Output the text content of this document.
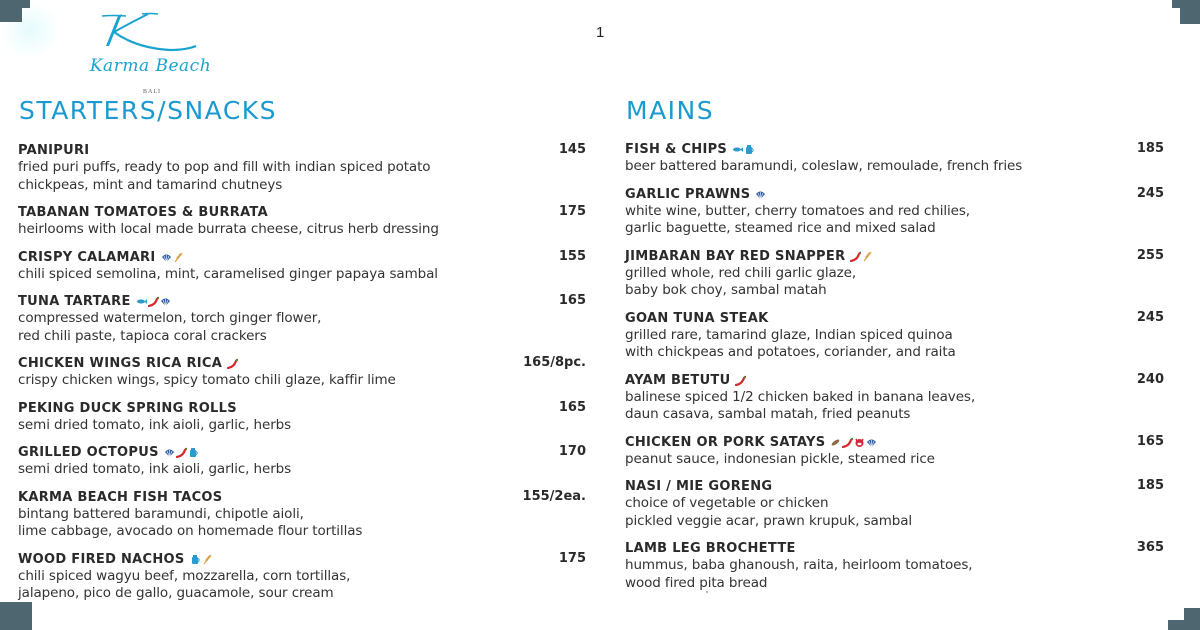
Karma Beach
BALI
1
STARTERS/SNACKS	MAINS
PANIPURI	145
fried puri puffs, ready to pop and fill with indian spiced potato
chickpeas, mint and tamarind chutneys
TABANAN TOMATOES & BURRATA	175
heirlooms with local made burrata cheese, citrus herb dressing
CRISPY CALAMARI	155
chili spiced semolina, mint, caramelised ginger papaya sambal
TUNA TARTARE	165
compressed watermelon, torch ginger flower,
red chili paste, tapioca coral crackers
CHICKEN WINGS RICA RICA	165/8pc.
crispy chicken wings, spicy tomato chili glaze, kaffir lime
PEKING DUCK SPRING ROLLS	165
semi dried tomato, ink aioli, garlic, herbs
GRILLED OCTOPUS	170
semi dried tomato, ink aioli, garlic, herbs
KARMA BEACH FISH TACOS	155/2ea.
bintang battered baramundi, chipotle aioli,
lime cabbage, avocado on homemade flour tortillas
WOOD FIRED NACHOS	175
chili spiced wagyu beef, mozzarella, corn tortillas,
jalapeno, pico de gallo, guacamole, sour cream
FISH & CHIPS	185
beer battered baramundi, coleslaw, remoulade, french fries
GARLIC PRAWNS	245
white wine, butter, cherry tomatoes and red chilies,
garlic baguette, steamed rice and mixed salad
JIMBARAN BAY RED SNAPPER	255
grilled whole, red chili garlic glaze,
baby bok choy, sambal matah
GOAN TUNA STEAK	245
grilled rare, tamarind glaze, Indian spiced quinoa
with chickpeas and potatoes, coriander, and raita
AYAM BETUTU	240
balinese spiced 1/2 chicken baked in banana leaves,
daun casava, sambal matah, fried peanuts
CHICKEN OR PORK SATAYS	165
peanut sauce, indonesian pickle, steamed rice
NASI / MIE GORENG	185
choice of vegetable or chicken
pickled veggie acar, prawn krupuk, sambal
LAMB LEG BROCHETTE	365
hummus, baba ghanoush, raita, heirloom tomatoes,
wood fired pita bread
